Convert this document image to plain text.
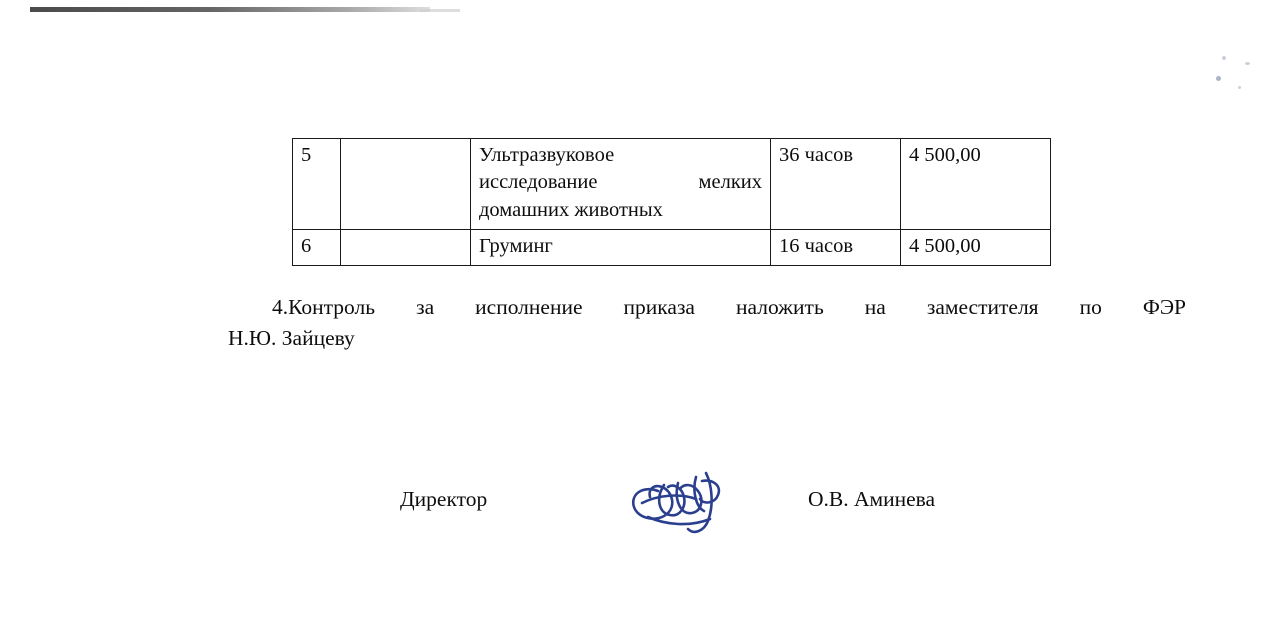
5		Ультразвуковое
исследование мелких
домашних животных	36 часов	4 500,00
6		Груминг	16 часов	4 500,00
4.Контроль за исполнение приказа наложить на заместителя по ФЭР
Н.Ю. Зайцеву
Директор	О.В. Аминева
